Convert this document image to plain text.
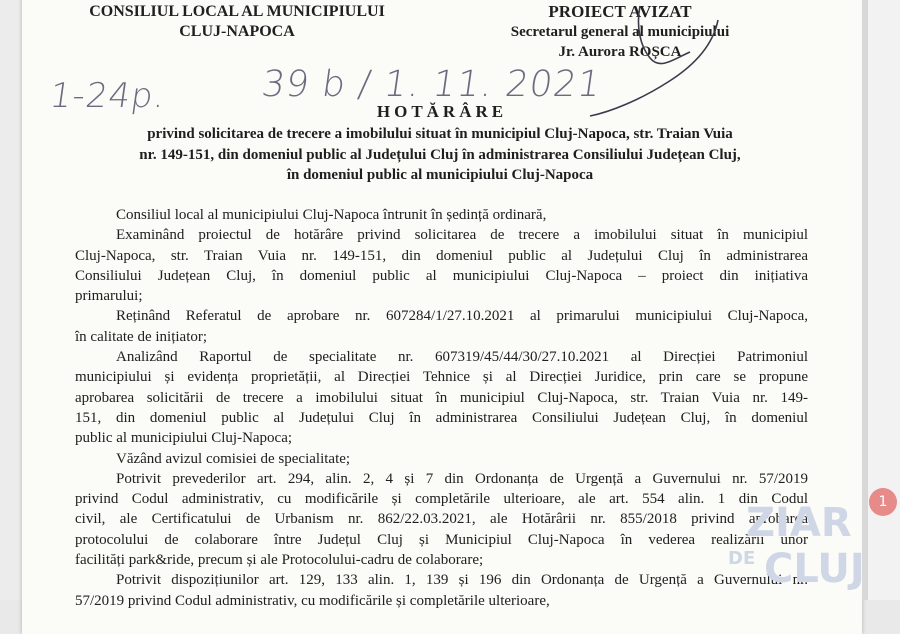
CONSILIUL LOCAL AL MUNICIPIULUI
CLUJ-NAPOCA
PROIECT AVIZAT
Secretarul general al municipiului
Jr. Aurora ROȘCA
1-24p.	39 b / 1. 11. 2021
HOTĂRÂRE
privind solicitarea de trecere a imobilului situat în municipiul Cluj-Napoca, str. Traian Vuia
nr. 149-151, din domeniul public al Județului Cluj în administrarea Consiliului Județean Cluj,
în domeniul public al municipiului Cluj-Napoca
Consiliul local al municipiului Cluj-Napoca întrunit în ședință ordinară,
Examinând proiectul de hotărâre privind solicitarea de trecere a imobilului situat în municipiul
Cluj-Napoca, str. Traian Vuia nr. 149-151, din domeniul public al Județului Cluj în administrarea
Consiliului Județean Cluj, în domeniul public al municipiului Cluj-Napoca – proiect din inițiativa
primarului;
Reținând Referatul de aprobare nr. 607284/1/27.10.2021 al primarului municipiului Cluj-Napoca,
în calitate de inițiator;
Analizând Raportul de specialitate nr. 607319/45/44/30/27.10.2021 al Direcției Patrimoniul
municipiului și evidența proprietății, al Direcției Tehnice și al Direcției Juridice, prin care se propune
aprobarea solicitării de trecere a imobilului situat în municipiul Cluj-Napoca, str. Traian Vuia nr. 149-
151, din domeniul public al Județului Cluj în administrarea Consiliului Județean Cluj, în domeniul
public al municipiului Cluj-Napoca;
Văzând avizul comisiei de specialitate;
Potrivit prevederilor art. 294, alin. 2, 4 și 7 din Ordonanța de Urgență a Guvernului nr. 57/2019
privind Codul administrativ, cu modificările și completările ulterioare, ale art. 554 alin. 1 din Codul
civil, ale Certificatului de Urbanism nr. 862/22.03.2021, ale Hotărârii nr. 855/2018 privind aprobarea
protocolului de colaborare între Județul Cluj și Municipiul Cluj-Napoca în vederea realizării unor
facilități park&ride, precum și ale Protocolului-cadru de colaborare;
Potrivit dispozițiunilor art. 129, 133 alin. 1, 139 și 196 din Ordonanța de Urgență a Guvernului nr.
57/2019 privind Codul administrativ, cu modificările și completările ulterioare,
ZIAR
DE CLUJ
1
